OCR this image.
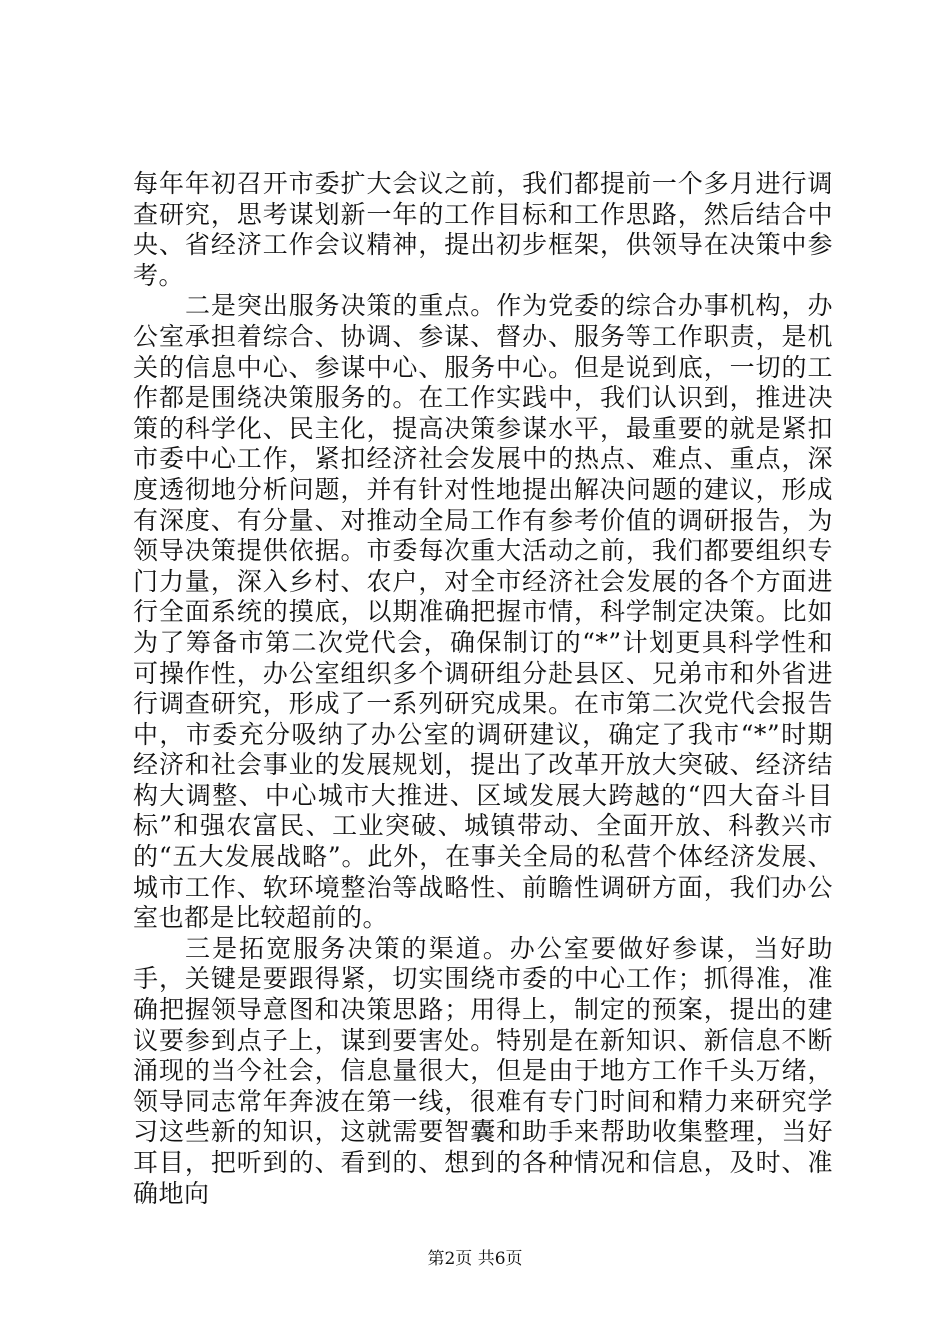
每年年初召开市委扩大会议之前，我们都提前一个多月进行调查研究，思考谋划新一年的工作目标和工作思路，然后结合中央、省经济工作会议精神，提出初步框架，供领导在决策中参考。

二是突出服务决策的重点。作为党委的综合办事机构，办公室承担着综合、协调、参谋、督办、服务等工作职责，是机关的信息中心、参谋中心、服务中心。但是说到底，一切的工作都是围绕决策服务的。在工作实践中，我们认识到，推进决策的科学化、民主化，提高决策参谋水平，最重要的就是紧扣市委中心工作，紧扣经济社会发展中的热点、难点、重点，深度透彻地分析问题，并有针对性地提出解决问题的建议，形成有深度、有分量、对推动全局工作有参考价值的调研报告，为领导决策提供依据。市委每次重大活动之前，我们都要组织专门力量，深入乡村、农户，对全市经济社会发展的各个方面进行全面系统的摸底，以期准确把握市情，科学制定决策。比如为了筹备市第二次党代会，确保制订的“*”计划更具科学性和可操作性，办公室组织多个调研组分赴县区、兄弟市和外省进行调查研究，形成了一系列研究成果。在市第二次党代会报告中，市委充分吸纳了办公室的调研建议，确定了我市“*”时期经济和社会事业的发展规划，提出了改革开放大突破、经济结构大调整、中心城市大推进、区域发展大跨越的“四大奋斗目标”和强农富民、工业突破、城镇带动、全面开放、科教兴市的“五大发展战略”。此外，在事关全局的私营个体经济发展、城市工作、软环境整治等战略性、前瞻性调研方面，我们办公室也都是比较超前的。

三是拓宽服务决策的渠道。办公室要做好参谋，当好助手，关键是要跟得紧，切实围绕市委的中心工作；抓得准，准确把握领导意图和决策思路；用得上，制定的预案，提出的建议要参到点子上，谋到要害处。特别是在新知识、新信息不断涌现的当今社会，信息量很大，但是由于地方工作千头万绪，领导同志常年奔波在第一线，很难有专门时间和精力来研究学习这些新的知识，这就需要智囊和助手来帮助收集整理，当好耳目，把听到的、看到的、想到的各种情况和信息，及时、准确地向

第2页 共6页
